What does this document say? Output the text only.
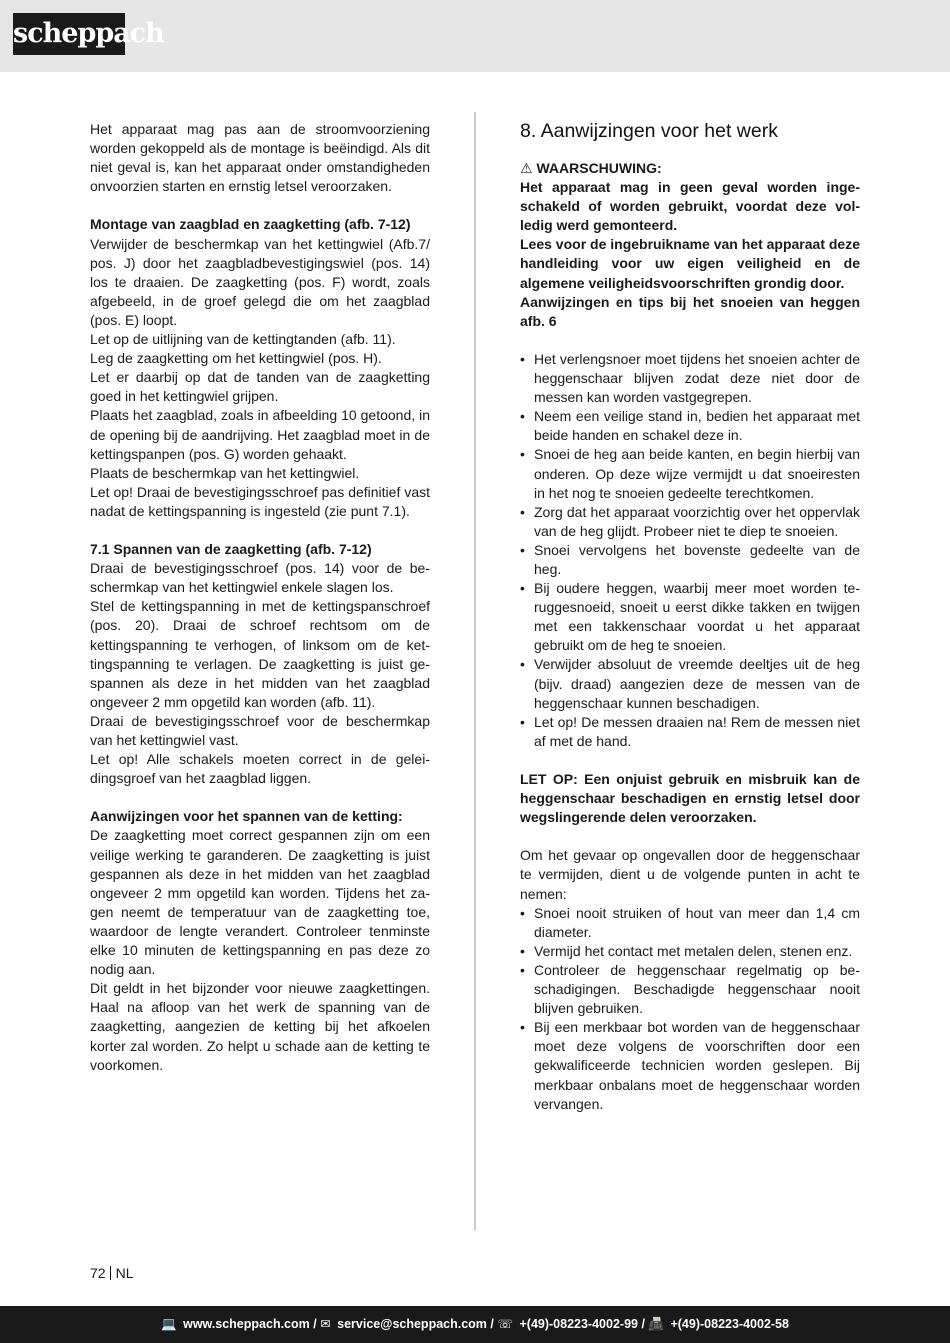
scheppach

Het apparaat mag pas aan de stroomvoorziening worden gekoppeld als de montage is beëindigd. Als dit niet geval is, kan het apparaat onder omstandigheden onvoorzien starten en ernstig letsel veroorzaken.

Montage van zaagblad en zaagketting (afb. 7-12)

Verwijder de beschermkap van het kettingwiel (Afb.7/ pos. J) door het zaagbladbevestigingswiel (pos. 14) los te draaien. De zaagketting (pos. F) wordt, zoals afgebeeld, in de groef gelegd die om het zaagblad (pos. E) loopt.

Let op de uitlijning van de kettingtanden (afb. 11).

Leg de zaagketting om het kettingwiel (pos. H).

Let er daarbij op dat de tanden van de zaagketting goed in het kettingwiel grijpen.

Plaats het zaagblad, zoals in afbeelding 10 getoond, in de opening bij de aandrijving. Het zaagblad moet in de kettingspanpen (pos. G) worden gehaakt.

Plaats de beschermkap van het kettingwiel.

Let op! Draai de bevestigingsschroef pas definitief vast nadat de kettingspanning is ingesteld (zie punt 7.1).

7.1 Spannen van de zaagketting (afb. 7-12)

Draai de bevestigingsschroef (pos. 14) voor de beschermkap van het kettingwiel enkele slagen los.

Stel de kettingspanning in met de kettingspanschroef (pos. 20). Draai de schroef rechtsom om de kettingspanning te verhogen, of linksom om de kettingspanning te verlagen. De zaagketting is juist gespannen als deze in het midden van het zaagblad ongeveer 2 mm opgetild kan worden (afb. 11).

Draai de bevestigingsschroef voor de beschermkap van het kettingwiel vast.

Let op! Alle schakels moeten correct in de geleidingsgroef van het zaagblad liggen.

Aanwijzingen voor het spannen van de ketting:

De zaagketting moet correct gespannen zijn om een veilige werking te garanderen. De zaagketting is juist gespannen als deze in het midden van het zaagblad ongeveer 2 mm opgetild kan worden. Tijdens het zagen neemt de temperatuur van de zaagketting toe, waardoor de lengte verandert. Controleer tenminste elke 10 minuten de kettingspanning en pas deze zo nodig aan.

Dit geldt in het bijzonder voor nieuwe zaagkettingen. Haal na afloop van het werk de spanning van de zaagketting, aangezien de ketting bij het afkoelen korter zal worden. Zo helpt u schade aan de ketting te voorkomen.

8. Aanwijzingen voor het werk

⚠ WAARSCHUWING:

Het apparaat mag in geen geval worden ingeschakeld of worden gebruikt, voordat deze volledig werd gemonteerd.

Lees voor de ingebruikname van het apparaat deze handleiding voor uw eigen veiligheid en de algemene veiligheidsvoorschriften grondig door.

Aanwijzingen en tips bij het snoeien van heggen afb. 6

• Het verlengsnoer moet tijdens het snoeien achter de heggenschaar blijven zodat deze niet door de messen kan worden vastgegrepen.
• Neem een veilige stand in, bedien het apparaat met beide handen en schakel deze in.
• Snoei de heg aan beide kanten, en begin hierbij van onderen. Op deze wijze vermijdt u dat snoeiresten in het nog te snoeien gedeelte terechtkomen.
• Zorg dat het apparaat voorzichtig over het oppervlak van de heg glijdt. Probeer niet te diep te snoeien.
• Snoei vervolgens het bovenste gedeelte van de heg.
• Bij oudere heggen, waarbij meer moet worden teruggesnoeid, snoeit u eerst dikke takken en twijgen met een takkenschaar voordat u het apparaat gebruikt om de heg te snoeien.
• Verwijder absoluut de vreemde deeltjes uit de heg (bijv. draad) aangezien deze de messen van de heggenschaar kunnen beschadigen.
• Let op! De messen draaien na! Rem de messen niet af met de hand.

LET OP: Een onjuist gebruik en misbruik kan de heggenschaar beschadigen en ernstig letsel door wegslingerende delen veroorzaken.

Om het gevaar op ongevallen door de heggenschaar te vermijden, dient u de volgende punten in acht te nemen:

• Snoei nooit struiken of hout van meer dan 1,4 cm diameter.
• Vermijd het contact met metalen delen, stenen enz.
• Controleer de heggenschaar regelmatig op beschadigingen. Beschadigde heggenschaar nooit blijven gebruiken.
• Bij een merkbaar bot worden van de heggenschaar moet deze volgens de voorschriften door een gekwalificeerde technicien worden geslepen. Bij merkbaar onbalans moet de heggenschaar worden vervangen.
72 NL
💻 www.scheppach.com / ✉ service@scheppach.com / ☏ +(49)-08223-4002-99 / 📠 +(49)-08223-4002-58
